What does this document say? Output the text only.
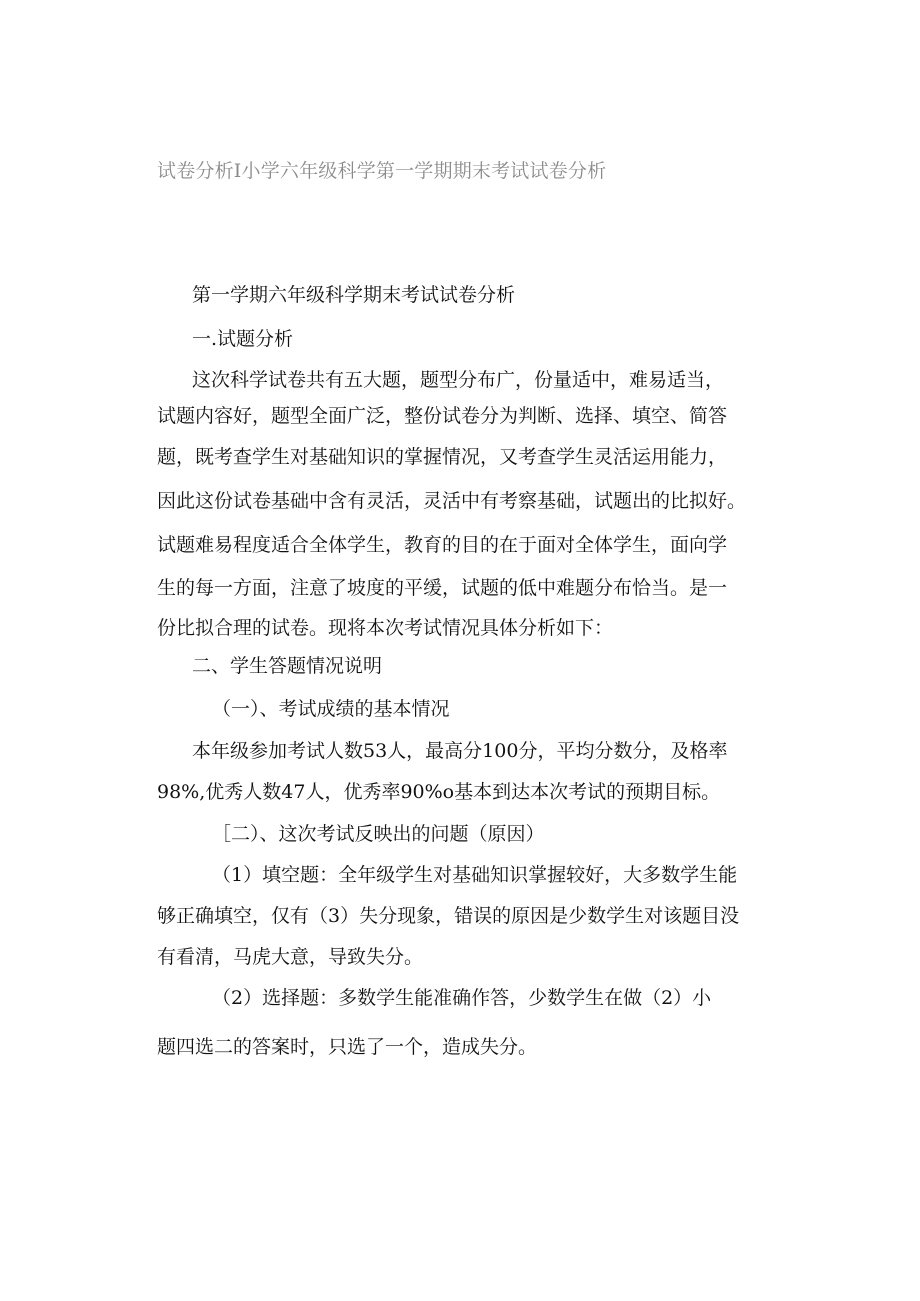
试卷分析Ι小学六年级科学第一学期期末考试试卷分析
第一学期六年级科学期末考试试卷分析
一.试题分析
这次科学试卷共有五大题，题型分布广，份量适中，难易适当，
试题内容好，题型全面广泛，整份试卷分为判断、选择、填空、简答
题，既考查学生对基础知识的掌握情况，又考查学生灵活运用能力，
因此这份试卷基础中含有灵活，灵活中有考察基础，试题出的比拟好。
试题难易程度适合全体学生，教育的目的在于面对全体学生，面向学
生的每一方面，注意了坡度的平缓，试题的低中难题分布恰当。是一
份比拟合理的试卷。现将本次考试情况具体分析如下：
二、学生答题情况说明
（一）、考试成绩的基本情况
本年级参加考试人数53人，最高分100分，平均分数分，及格率
98%,优秀人数47人，优秀率90%o基本到达本次考试的预期目标。
［二）、这次考试反映出的问题（原因）
（1）填空题：全年级学生对基础知识掌握较好，大多数学生能
够正确填空，仅有（3）失分现象，错误的原因是少数学生对该题目没
有看清，马虎大意，导致失分。
（2）选择题：多数学生能准确作答，少数学生在做（2）小
题四选二的答案时，只选了一个，造成失分。
